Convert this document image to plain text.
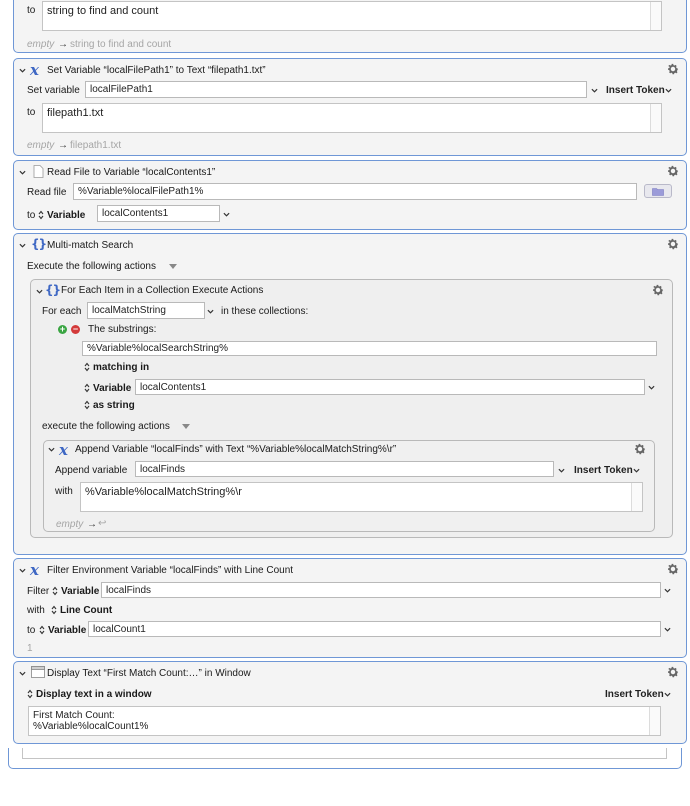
to	string to find and count
empty → string to find and count
x Set Variable “localFilePath1” to Text “filepath1.txt”
Set variable	localFilePath1	Insert Token
to	filepath1.txt
empty → filepath1.txt
Read File to Variable “localContents1”
Read file	%Variable%localFilePath1%
to Variable	localContents1
{} Multi-match Search
Execute the following actions
{} For Each Item in a Collection Execute Actions
For each	localMatchString	in these collections:
+ − The substrings:
%Variable%localSearchString%
matching in
Variable localContents1
as string
execute the following actions
x Append Variable “localFinds” with Text “%Variable%localMatchString%\r”
Append variable	localFinds	Insert Token
with	%Variable%localMatchString%\r
empty → ↩
x Filter Environment Variable “localFinds” with Line Count
Filter Variable localFinds
with Line Count
to Variable localCount1
1
Display Text “First Match Count:…” in Window
Display text in a window	Insert Token
First Match Count:
%Variable%localCount1%
